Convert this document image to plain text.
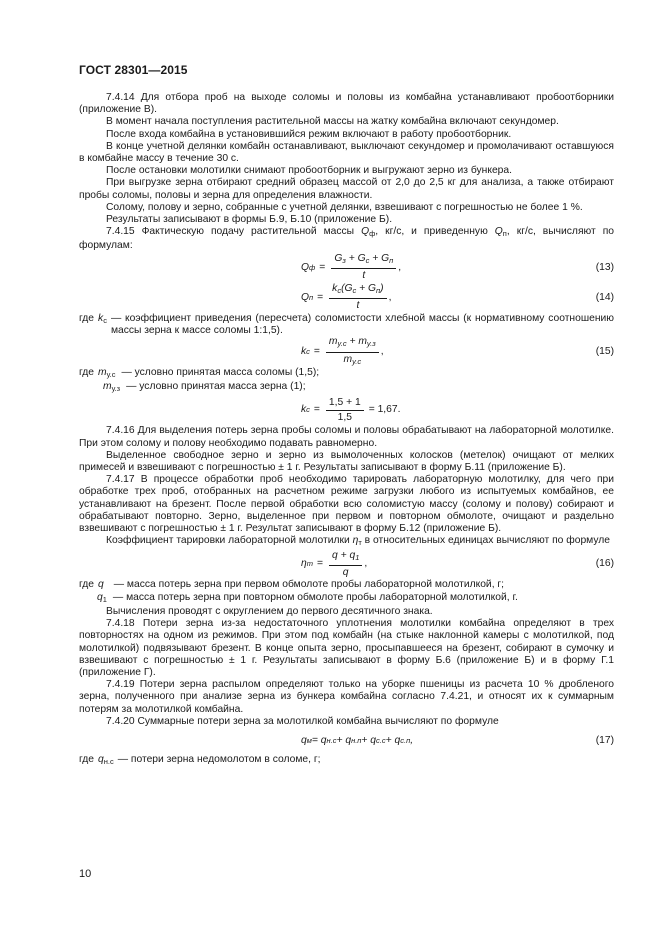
ГОСТ 28301—2015

7.4.14 Для отбора проб на выходе соломы и половы из комбайна устанавливают пробоотборники (приложение В).

В момент начала поступления растительной массы на жатку комбайна включают секундомер.

После входа комбайна в установившийся режим включают в работу пробоотборник.

В конце учетной делянки комбайн останавливают, выключают секундомер и промолачивают оставшуюся в комбайне массу в течение 30 с.

После остановки молотилки снимают пробоотборник и выгружают зерно из бункера.

При выгрузке зерна отбирают средний образец массой от 2,0 до 2,5 кг для анализа, а также отбирают пробы соломы, половы и зерна для определения влажности.

Солому, полову и зерно, собранные с учетной делянки, взвешивают с погрешностью не более 1 %.

Результаты записывают в формы Б.9, Б.10 (приложение Б).

7.4.15 Фактическую подачу растительной массы $Q_ф$, кг/с, и приведенную $Q_п$, кг/с, вычисляют по формулам:

Q $ф = \frac{G_з + G_с + G_п}{t}$ ,	(13)
Q $п = \frac{k_с(G_с + G_п)}{t}$ ,	(14)
где $k_с$ — коэффициент приведения (пересчета) соломистости хлебной массы (к нормативному соотношению массы зерна к массе соломы 1:1,5).

k $с = \frac{m_{у.с} + m_{у.з}}{m_{у.с}}$ ,	(15)
где $m_{у.с}$ — условно принятая масса соломы (1,5);
$m_{у.з}$ — условно принятая масса зерна (1);
k $с = \frac{1,5 + 1}{1,5} = 1,67$.

7.4.16 Для выделения потерь зерна пробы соломы и половы обрабатывают на лабораторной молотилке. При этом солому и полову необходимо подавать равномерно.

Выделенное свободное зерно и зерно из вымолоченных колосков (метелок) очищают от мелких примесей и взвешивают с погрешностью ± 1 г. Результаты записывают в форму Б.11 (приложение Б).

7.4.17 В процессе обработки проб необходимо тарировать лабораторную молотилку, для чего при обработке трех проб, отобранных на расчетном режиме загрузки любого из испытуемых комбайнов, ее устанавливают на брезент. После первой обработки всю соломистую массу (солому и полову) собирают и обрабатывают повторно. Зерно, выделенное при первом и повторном обмолоте, очищают и раздельно взвешивают с погрешностью ± 1 г. Результат записывают в форму Б.12 (приложение Б).

Коэффициент тарировки лабораторной молотилки $\eta_т$ в относительных единицах вычисляют по формуле

η $т = \frac{q + q_1}{q}$ ,	(16)
где q — масса потерь зерна при первом обмолоте пробы лабораторной молотилкой, г;
$q_1$ — масса потерь зерна при повторном обмолоте пробы лабораторной молотилкой, г.

Вычисления проводят с округлением до первого десятичного знака.

7.4.18 Потери зерна из-за недостаточного уплотнения молотилки комбайна определяют в трех повторностях на одном из режимов. При этом под комбайн (на стыке наклонной камеры с молотилкой, под молотилкой) подвязывают брезент. В конце опыта зерно, просыпавшееся на брезент, собирают в сумочку и взвешивают с погрешностью ± 1 г. Результаты записывают в форму Б.6 (приложение Б) и в форму Г.1 (приложение Г).

7.4.19 Потери зерна распылом определяют только на уборке пшеницы из расчета 10 % дробленого зерна, полученного при анализе зерна из бункера комбайна согласно 7.4.21, и относят их к суммарным потерям за молотилкой комбайна.

7.4.20 Суммарные потери зерна за молотилкой комбайна вычисляют по формуле

q м = q н.с + q н.п + q с.с + q с.п ,	(17)
где $q_{н.с}$ — потери зерна недомолотом в соломе, г;
10
